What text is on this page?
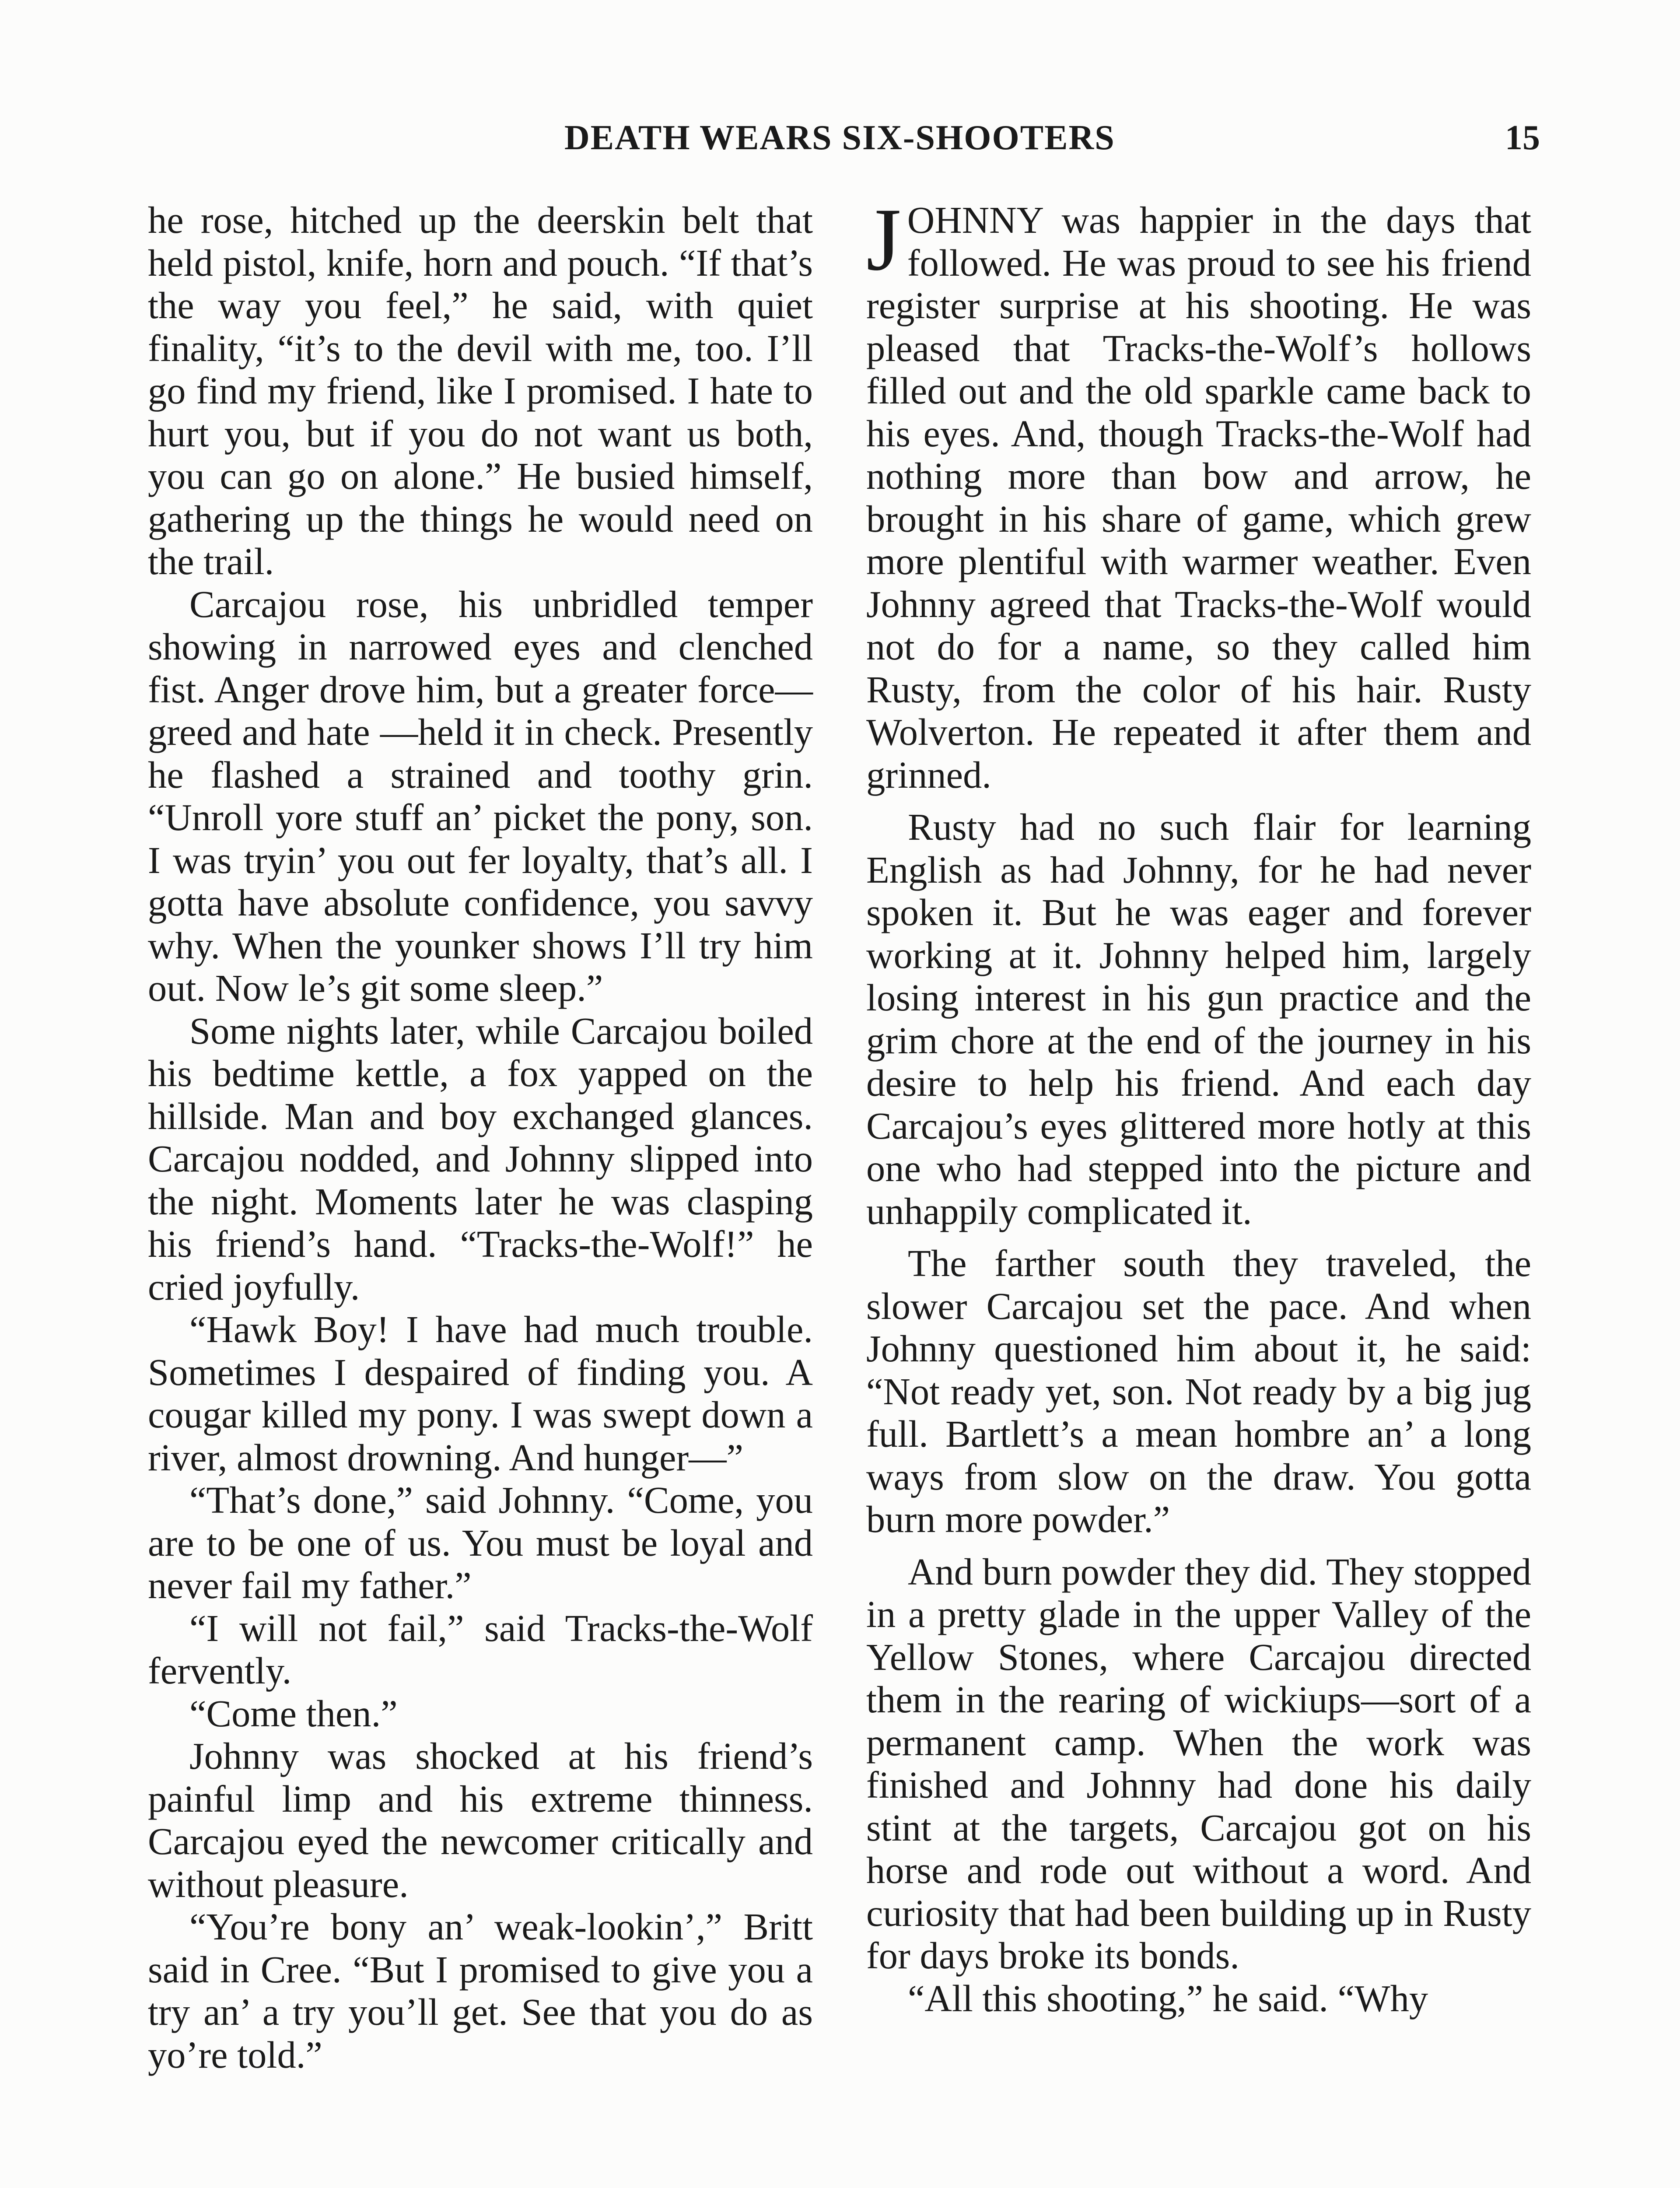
DEATH WEARS SIX-SHOOTERS	15

he rose, hitched up the deerskin belt that held pistol, knife, horn and pouch. “If that’s the way you feel,” he said, with quiet finality, “it’s to the devil with me, too. I’ll go find my friend, like I promised. I hate to hurt you, but if you do not want us both, you can go on alone.” He busied himself, gathering up the things he would need on the trail.

Carcajou rose, his unbridled temper showing in narrowed eyes and clenched fist. Anger drove him, but a greater force—greed and hate —held it in check. Presently he flashed a strained and toothy grin. “Unroll yore stuff an’ picket the pony, son. I was tryin’ you out fer loyalty, that’s all. I gotta have absolute confidence, you savvy why. When the younker shows I’ll try him out. Now le’s git some sleep.”

Some nights later, while Carcajou boiled his bedtime kettle, a fox yapped on the hillside. Man and boy exchanged glances. Carcajou nodded, and Johnny slipped into the night. Moments later he was clasping his friend’s hand. “Tracks-the-Wolf!” he cried joyfully.

“Hawk Boy! I have had much trouble. Sometimes I despaired of finding you. A cougar killed my pony. I was swept down a river, almost drowning. And hunger—”

“That’s done,” said Johnny. “Come, you are to be one of us. You must be loyal and never fail my father.”

“I will not fail,” said Tracks-the-Wolf fervently.

“Come then.”

Johnny was shocked at his friend’s painful limp and his extreme thinness. Carcajou eyed the newcomer critically and without pleasure.

“You’re bony an’ weak-lookin’,” Britt said in Cree. “But I promised to give you a try an’ a try you’ll get. See that you do as yo’re told.”

JOHNNY was happier in the days that followed. He was proud to see his friend register surprise at his shooting. He was pleased that Tracks-the-Wolf’s hollows filled out and the old sparkle came back to his eyes. And, though Tracks-the-Wolf had nothing more than bow and arrow, he brought in his share of game, which grew more plentiful with warmer weather. Even Johnny agreed that Tracks-the-Wolf would not do for a name, so they called him Rusty, from the color of his hair. Rusty Wolverton. He repeated it after them and grinned.

Rusty had no such flair for learning English as had Johnny, for he had never spoken it. But he was eager and forever working at it. Johnny helped him, largely losing interest in his gun practice and the grim chore at the end of the journey in his desire to help his friend. And each day Carcajou’s eyes glittered more hotly at this one who had stepped into the picture and unhappily complicated it.

The farther south they traveled, the slower Carcajou set the pace. And when Johnny questioned him about it, he said: “Not ready yet, son. Not ready by a big jug full. Bartlett’s a mean hombre an’ a long ways from slow on the draw. You gotta burn more powder.”

And burn powder they did. They stopped in a pretty glade in the upper Valley of the Yellow Stones, where Carcajou directed them in the rearing of wickiups—sort of a permanent camp. When the work was finished and Johnny had done his daily stint at the targets, Carcajou got on his horse and rode out without a word. And curiosity that had been building up in Rusty for days broke its bonds.

“All this shooting,” he said. “Why
